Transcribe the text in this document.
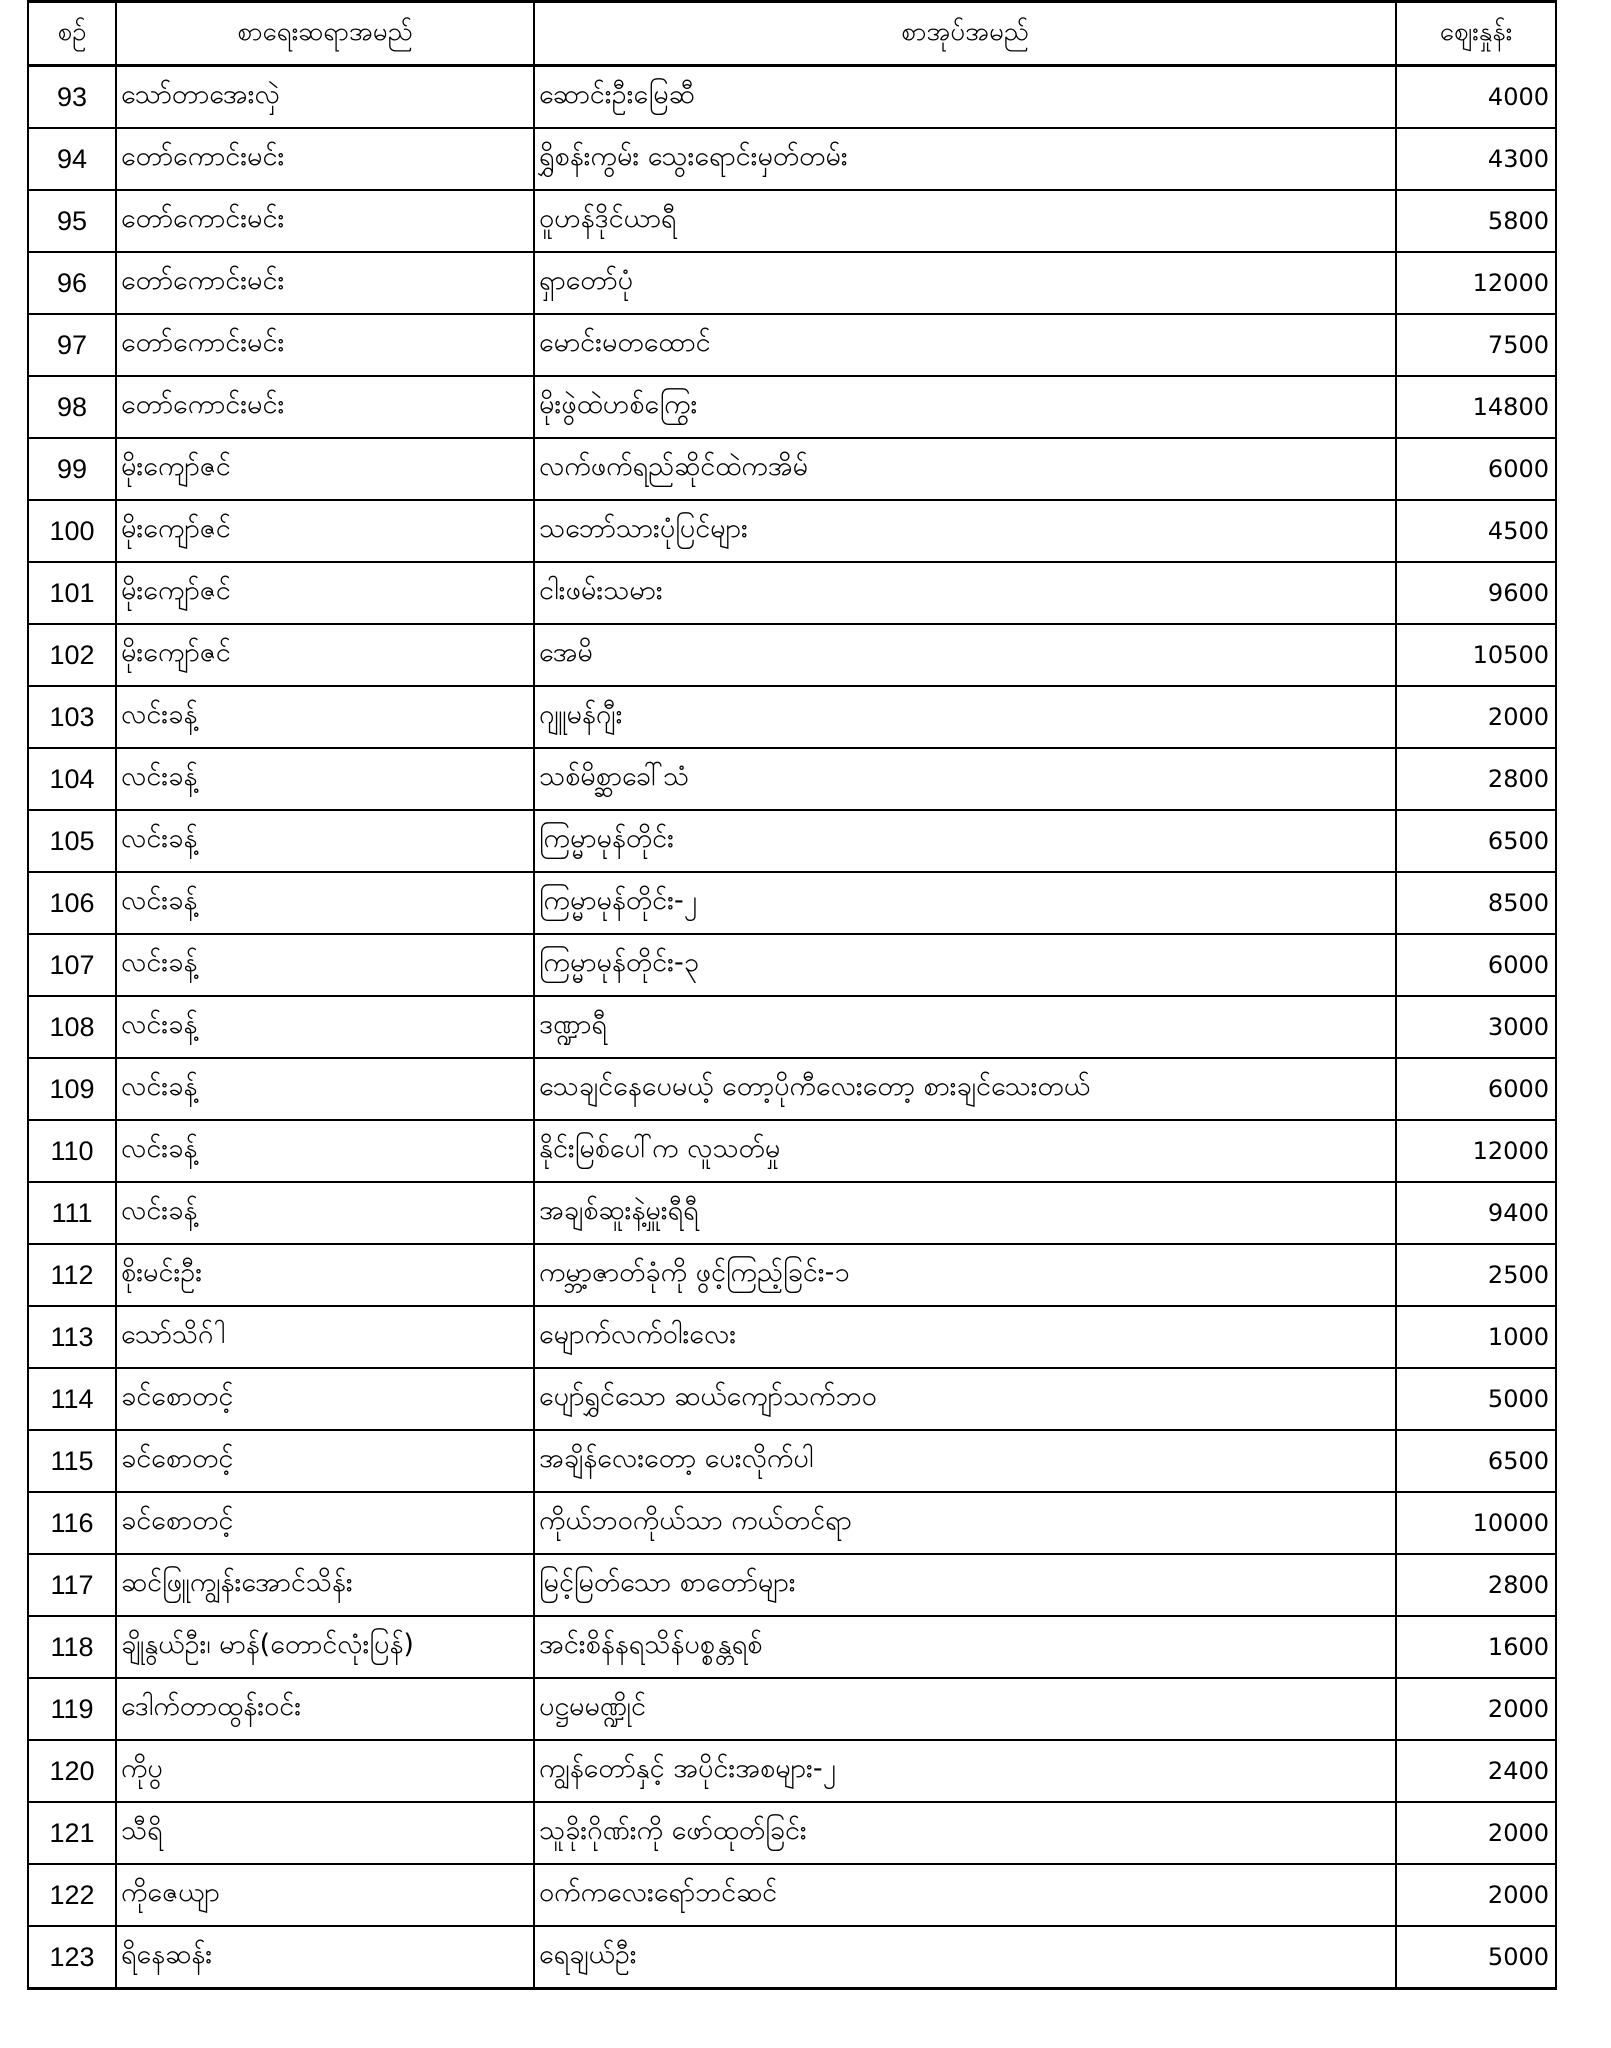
စဉ်	စာရေးဆရာအမည်	စာအုပ်အမည်	ဈေးနှုန်း
93	သော်တာအေးလှဲ	ဆောင်းဦးမြေဆီ	4000
94	တော်ကောင်းမင်း	ရွှိစန်းကွမ်း သွေးရောင်းမှတ်တမ်း	4300
95	တော်ကောင်းမင်း	ဝူဟန်ဒိုင်ယာရီ	5800
96	တော်ကောင်းမင်း	ရှာတော်ပုံ	12000
97	တော်ကောင်းမင်း	မောင်းမတထောင်	7500
98	တော်ကောင်းမင်း	မိုးဖွဲထဲဟစ်ကြွေး	14800
99	မိုးကျော်ဇင်	လက်ဖက်ရည်ဆိုင်ထဲကအိမ်	6000
100	မိုးကျော်ဇင်	သဘော်သားပုံပြင်များ	4500
101	မိုးကျော်ဇင်	ငါးဖမ်းသမား	9600
102	မိုးကျော်ဇင်	အေမိ	10500
103	လင်းခန့်	ဂျူမန်ဂျီး	2000
104	လင်းခန့်	သစ်မိစ္ဆာခေါ်သံ	2800
105	လင်းခန့်	ကြမ္မာမုန်တိုင်း	6500
106	လင်းခန့်	ကြမ္မာမုန်တိုင်း-၂	8500
107	လင်းခန့်	ကြမ္မာမုန်တိုင်း-၃	6000
108	လင်းခန့်	ဒဏ္ဍာရီ	3000
109	လင်းခန့်	သေချင်နေပေမယ့် တော့ပိုကီလေးတော့ စားချင်သေးတယ်	6000
110	လင်းခန့်	နိုင်းမြစ်ပေါ်က လူသတ်မှု	12000
111	လင်းခန့်	အချစ်ဆူးနဲ့မှူးရီရီ	9400
112	စိုးမင်းဦး	ကမ္ဘာ့ဇာတ်ခုံကို ဖွင့်ကြည့်ခြင်း-၁	2500
113	သော်သိဂ်ါ	မျောက်လက်ဝါးလေး	1000
114	ခင်စောတင့်	ပျော်ရွှင်သော ဆယ်ကျော်သက်ဘဝ	5000
115	ခင်စောတင့်	အချိန်လေးတော့ ပေးလိုက်ပါ	6500
116	ခင်စောတင့်	ကိုယ်ဘဝကိုယ်သာ ကယ်တင်ရာ	10000
117	ဆင်ဖြူကျွန်းအောင်သိန်း	မြင့်မြတ်သော စာတော်များ	2800
118	ချိုနွယ်ဦး၊ မာန်(တောင်လုံးပြန်)	အင်းစိန်နရသိန်ပစ္စန္တရစ်	1600
119	ဒေါက်တာထွန်းဝင်း	ပဋ္ဌမမဏ္ဍိုင်	2000
120	ကိုပွ	ကျွန်တော်နှင့် အပိုင်းအစများ-၂	2400
121	သီရိ	သူခိုးဂိုဏ်းကို ဖော်ထုတ်ခြင်း	2000
122	ကိုဇေယျာ	ဝက်ကလေးရော်ဘင်ဆင်	2000
123	ရိနေဆန်း	ရေချယ်ဦး	5000
